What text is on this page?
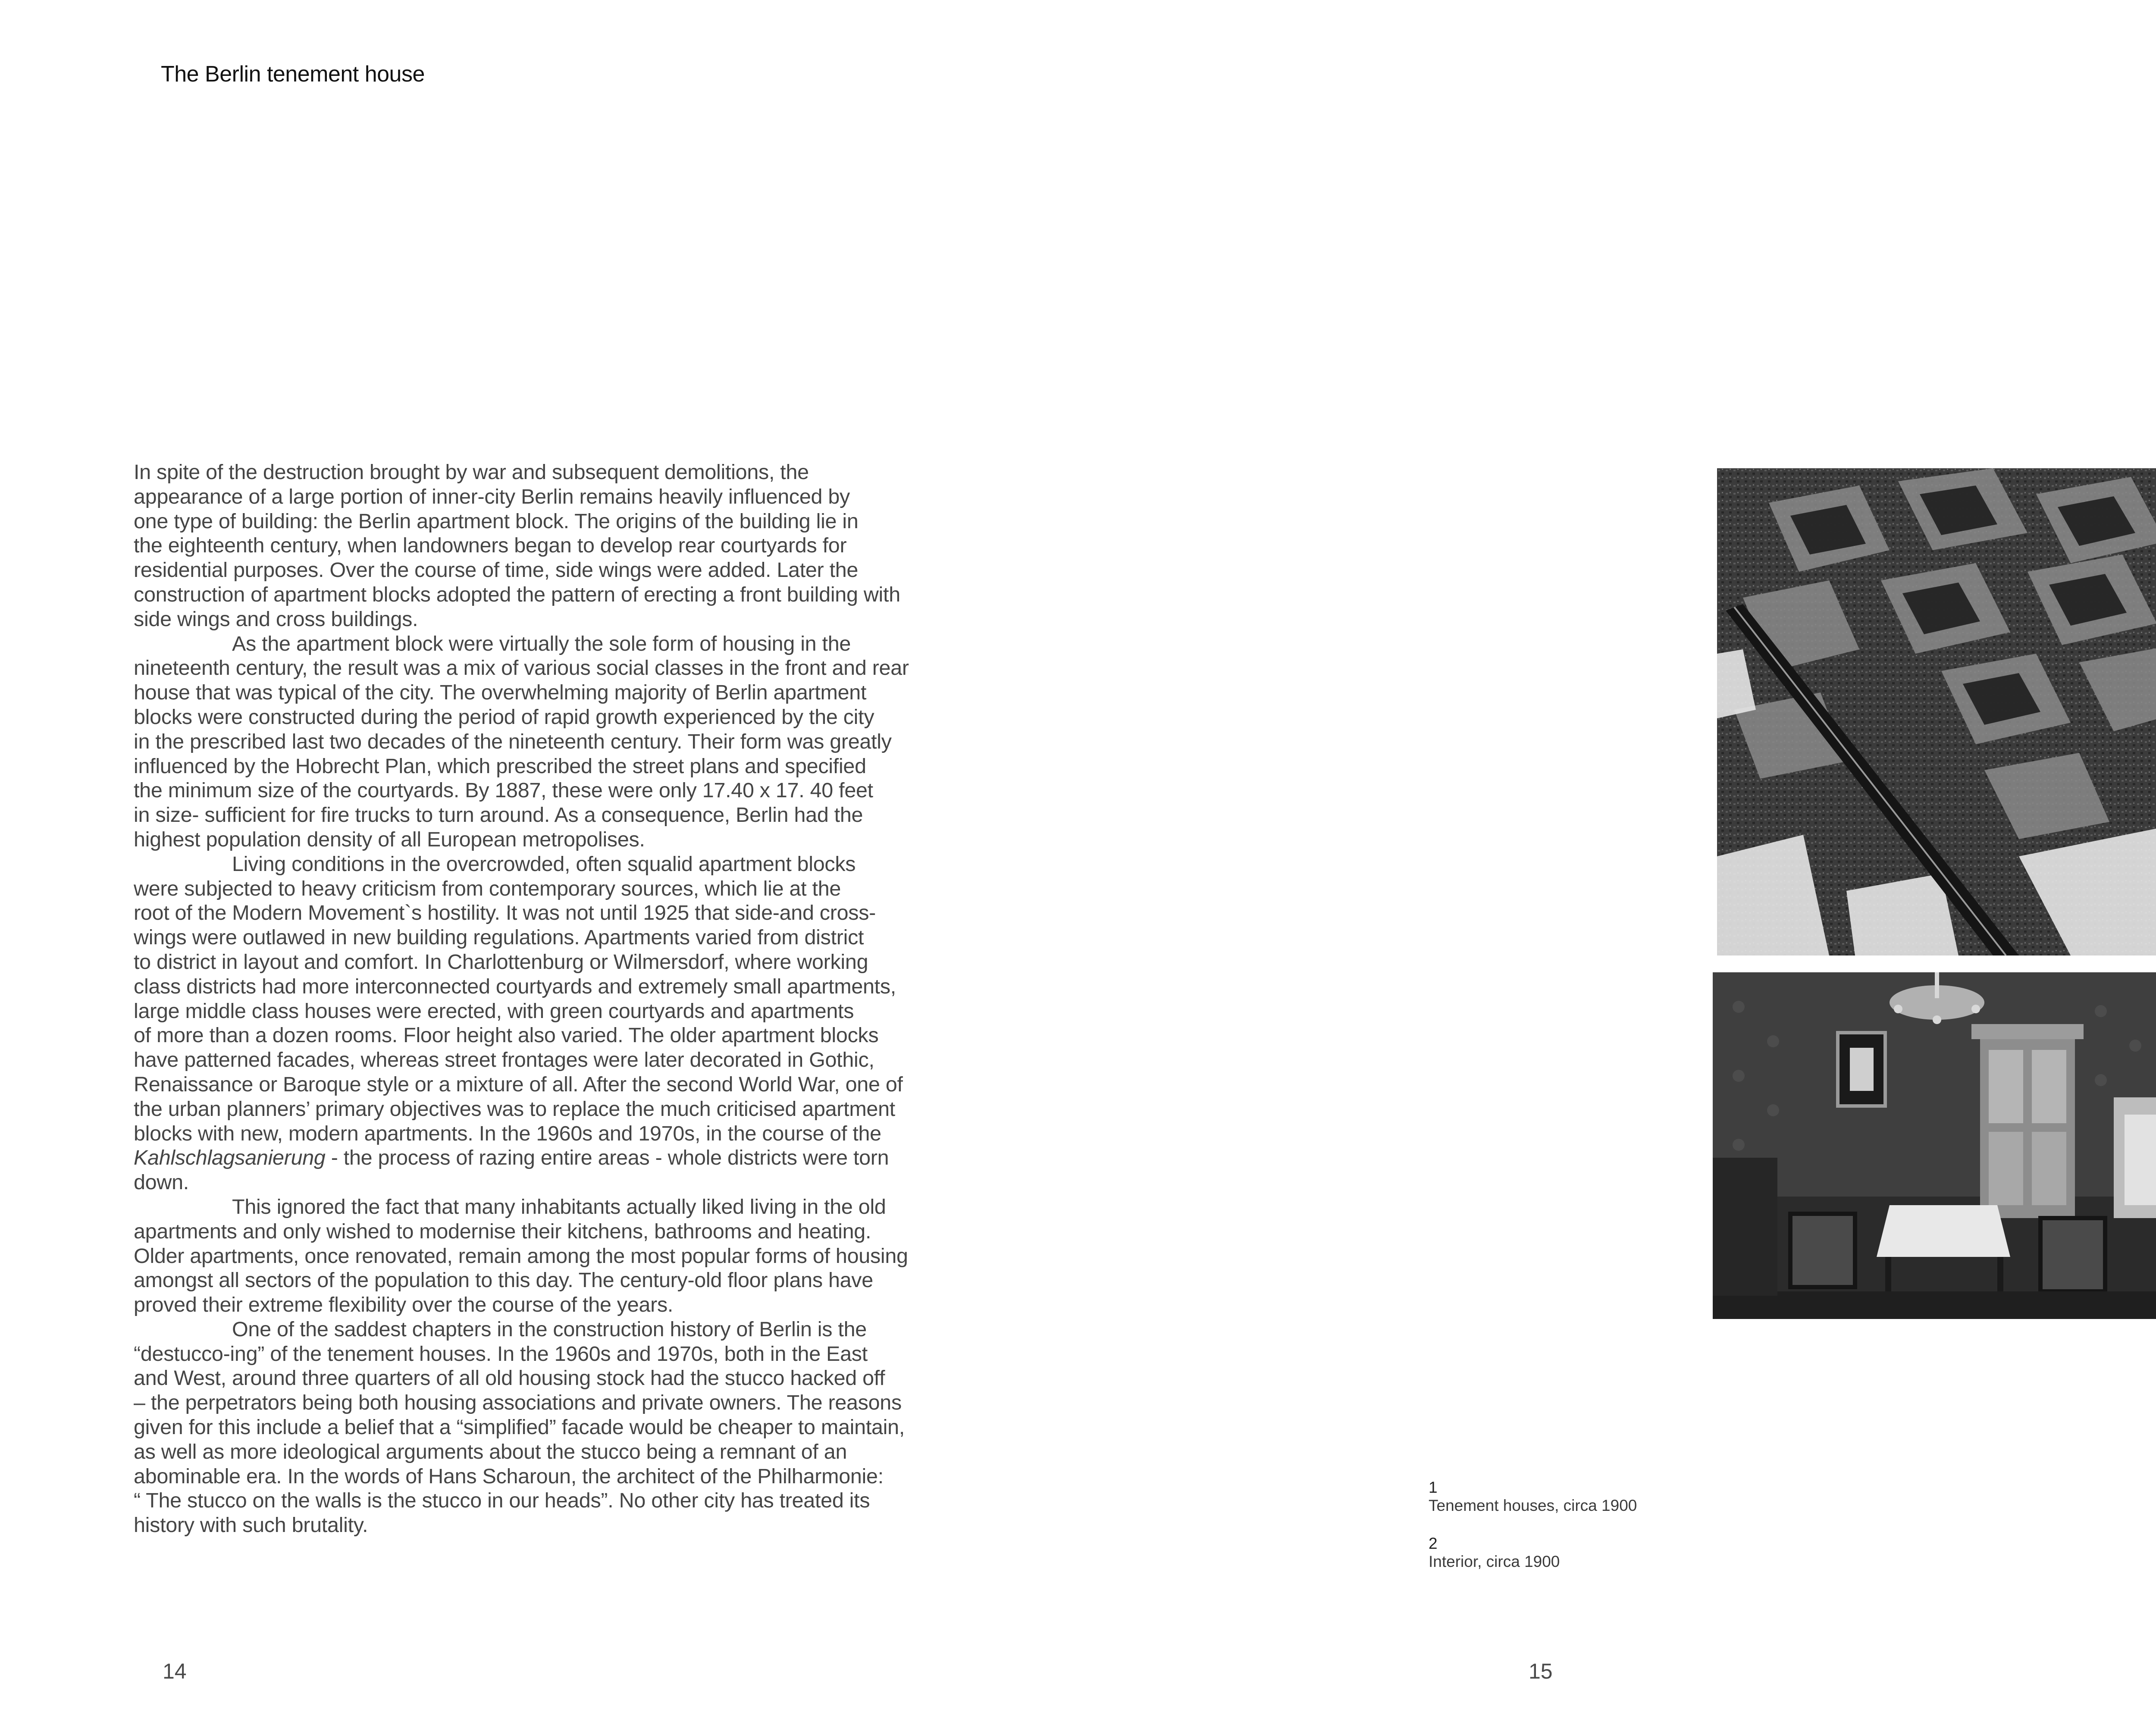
The Berlin tenement house
In spite of the destruction brought by war and subsequent demolitions, the
appearance of a large portion of inner-city Berlin remains heavily influenced by
one type of building: the Berlin apartment block. The origins of the building lie in
the eighteenth century, when landowners began to develop rear courtyards for
residential purposes. Over the course of time, side wings were added. Later the
construction of apartment blocks adopted the pattern of erecting a front building with
side wings and cross buildings.
As the apartment block were virtually the sole form of housing in the
nineteenth century, the result was a mix of various social classes in the front and rear
house that was typical of the city. The overwhelming majority of Berlin apartment
blocks were constructed during the period of rapid growth experienced by the city
in the prescribed last two decades of the nineteenth century. Their form was greatly
influenced by the Hobrecht Plan, which prescribed the street plans and specified
the minimum size of the courtyards. By 1887, these were only 17.40 x 17. 40 feet
in size- sufficient for fire trucks to turn around. As a consequence, Berlin had the
highest population density of all European metropolises.
Living conditions in the overcrowded, often squalid apartment blocks
were subjected to heavy criticism from contemporary sources, which lie at the
root of the Modern Movement`s hostility. It was not until 1925 that side-and cross-
wings were outlawed in new building regulations. Apartments varied from district
to district in layout and comfort. In Charlottenburg or Wilmersdorf, where working
class districts had more interconnected courtyards and extremely small apartments,
large middle class houses were erected, with green courtyards and apartments
of more than a dozen rooms. Floor height also varied. The older apartment blocks
have patterned facades, whereas street frontages were later decorated in Gothic,
Renaissance or Baroque style or a mixture of all. After the second World War, one of
the urban planners’ primary objectives was to replace the much criticised apartment
blocks with new, modern apartments. In the 1960s and 1970s, in the course of the
Kahlschlagsanierung - the process of razing entire areas - whole districts were torn
down.
This ignored the fact that many inhabitants actually liked living in the old
apartments and only wished to modernise their kitchens, bathrooms and heating.
Older apartments, once renovated, remain among the most popular forms of housing
amongst all sectors of the population to this day. The century-old floor plans have
proved their extreme flexibility over the course of the years.
One of the saddest chapters in the construction history of Berlin is the
“destucco-ing” of the tenement houses. In the 1960s and 1970s, both in the East
and West, around three quarters of all old housing stock had the stucco hacked off
– the perpetrators being both housing associations and private owners. The reasons
given for this include a belief that a “simplified” facade would be cheaper to maintain,
as well as more ideological arguments about the stucco being a remnant of an
abominable era. In the words of Hans Scharoun, the architect of the Philharmonie:
“ The stucco on the walls is the stucco in our heads”. No other city has treated its
history with such brutality.
1
Tenement houses, circa 1900
2
Interior, circa 1900
14	15
